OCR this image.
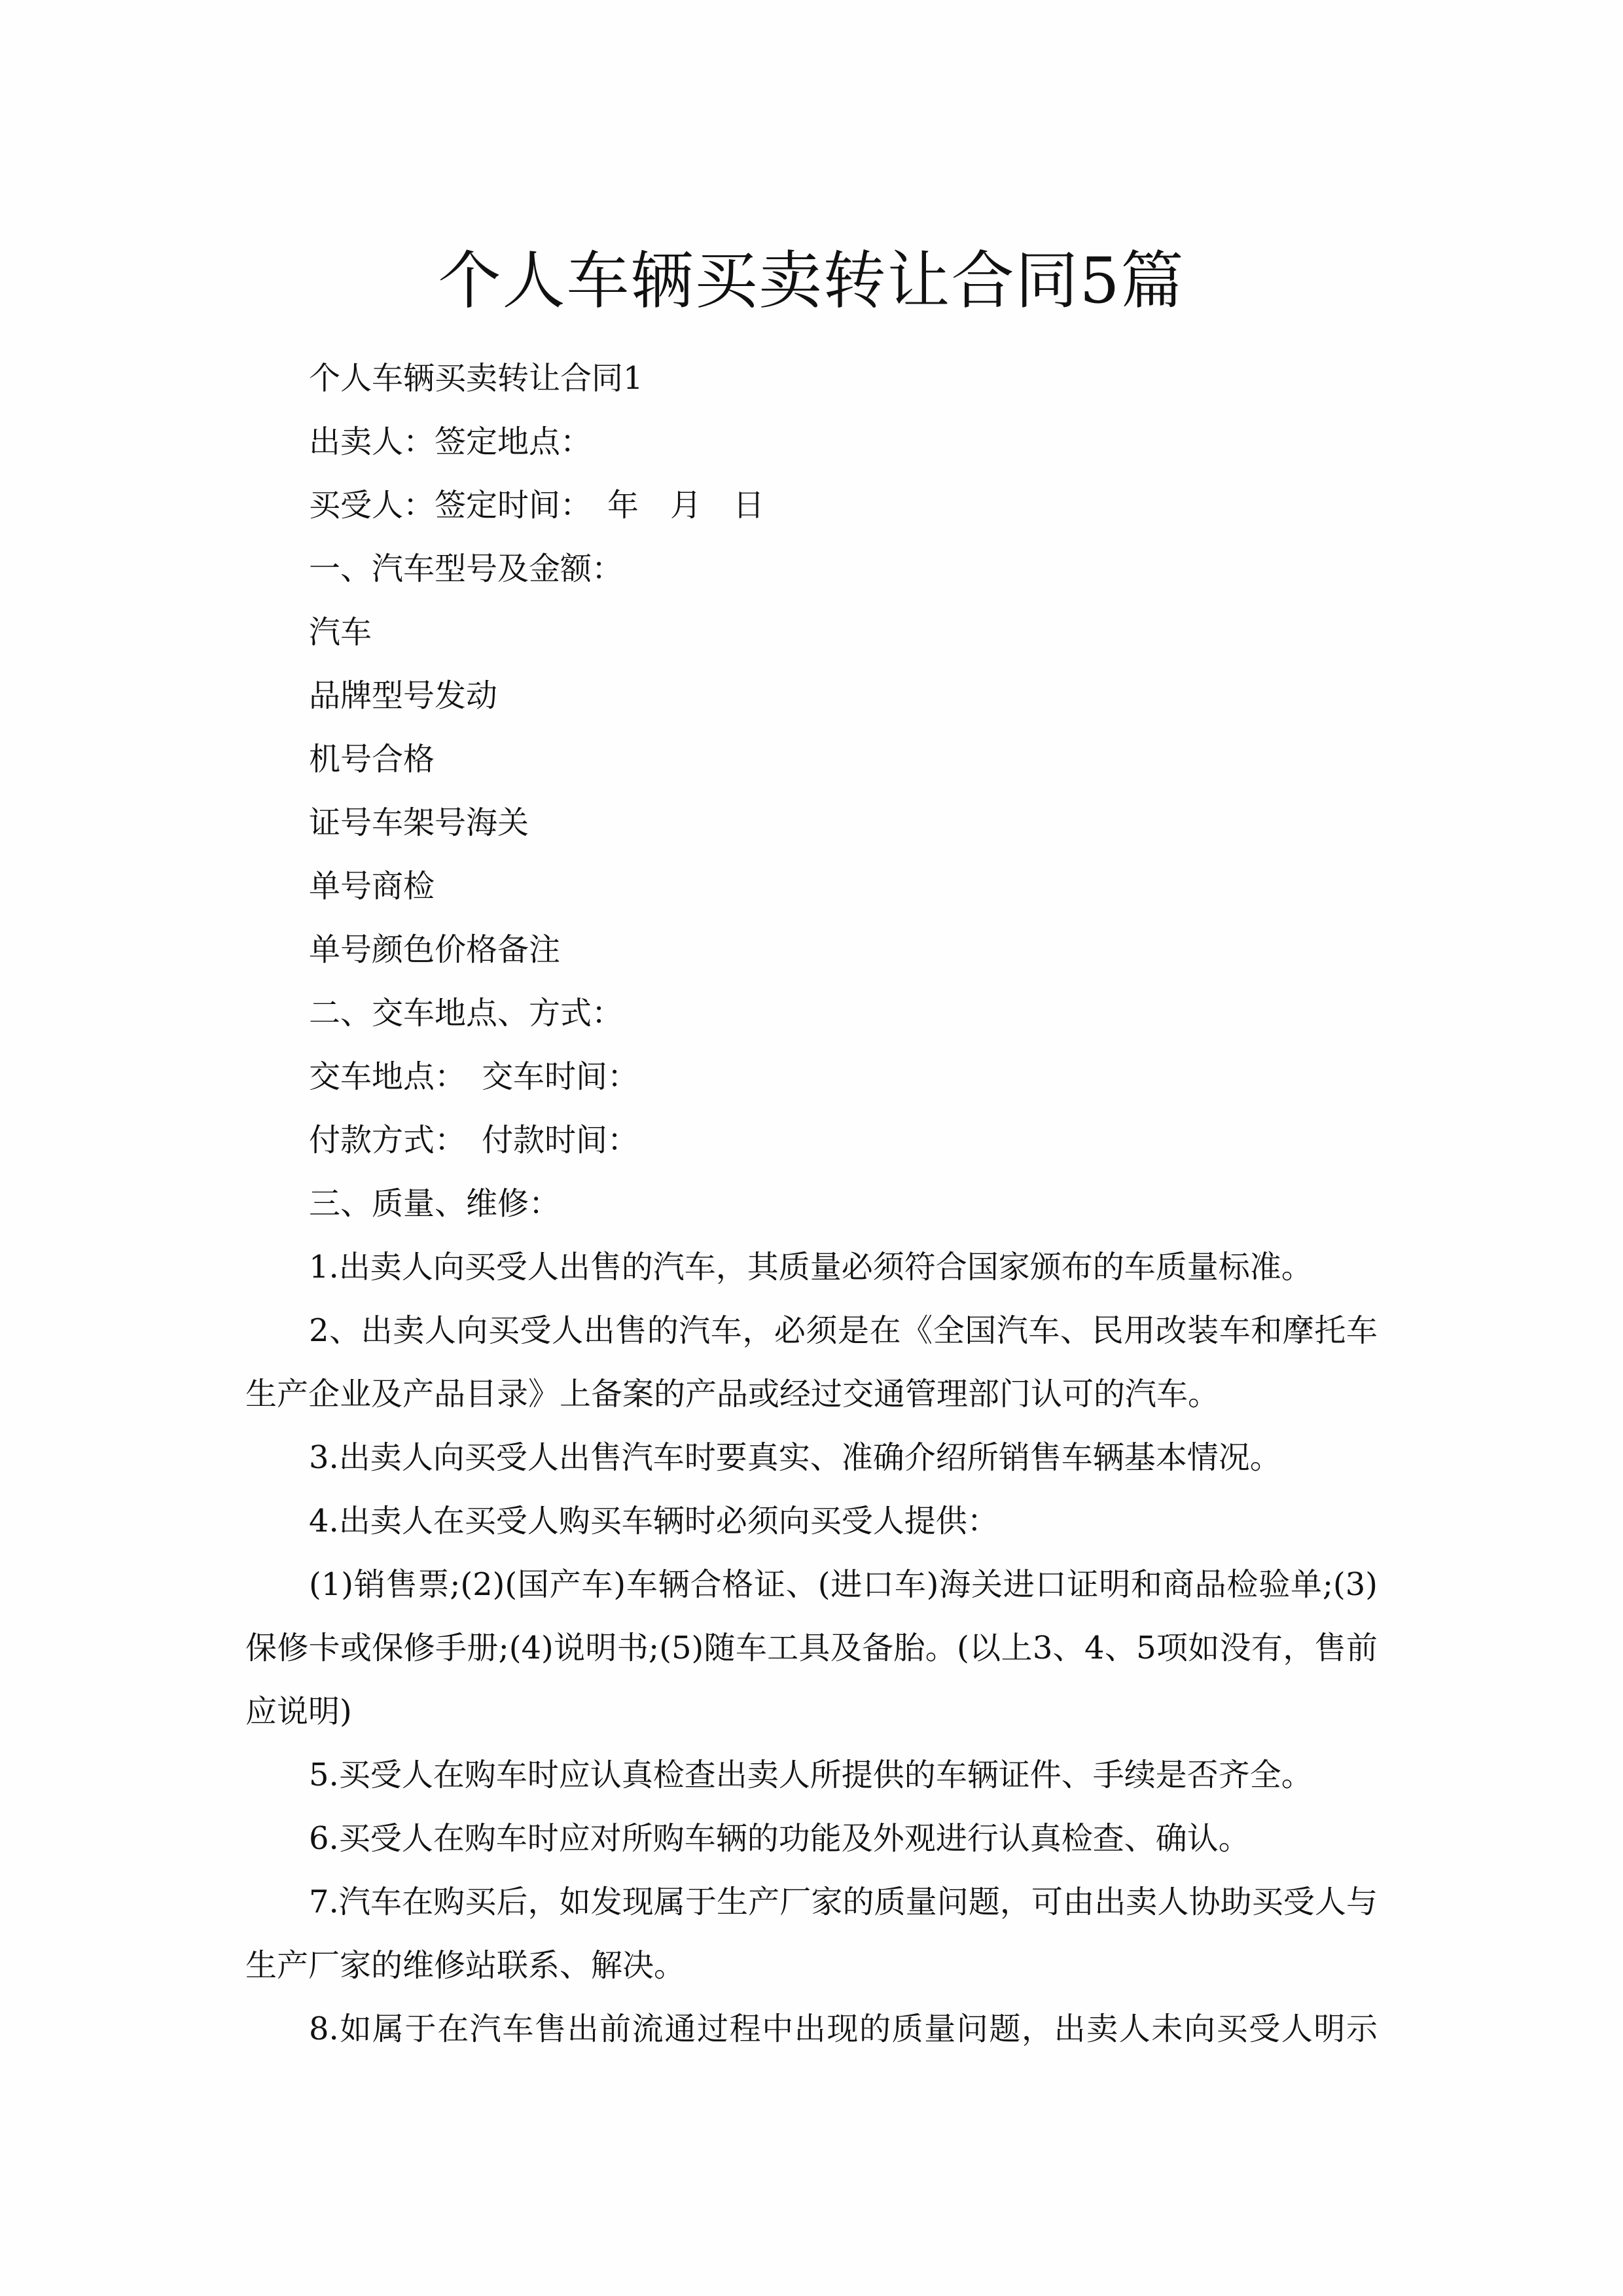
个人车辆买卖转让合同5篇

个人车辆买卖转让合同1

出卖人：签定地点：

买受人：签定时间：　年　月　日

一、汽车型号及金额：

汽车

品牌型号发动

机号合格

证号车架号海关

单号商检

单号颜色价格备注

二、交车地点、方式：

交车地点：　交车时间：

付款方式：　付款时间：

三、质量、维修：

1.出卖人向买受人出售的汽车，其质量必须符合国家颁布的车质量标准。

2、出卖人向买受人出售的汽车，必须是在《全国汽车、民用改装车和摩托车生产企业及产品目录》上备案的产品或经过交通管理部门认可的汽车。

3.出卖人向买受人出售汽车时要真实、准确介绍所销售车辆基本情况。

4.出卖人在买受人购买车辆时必须向买受人提供：

(1)销售票;(2)(国产车)车辆合格证、(进口车)海关进口证明和商品检验单;(3)保修卡或保修手册;(4)说明书;(5)随车工具及备胎。(以上3、4、5项如没有，售前应说明)

5.买受人在购车时应认真检查出卖人所提供的车辆证件、手续是否齐全。

6.买受人在购车时应对所购车辆的功能及外观进行认真检查、确认。

7.汽车在购买后，如发现属于生产厂家的质量问题，可由出卖人协助买受人与生产厂家的维修站联系、解决。

8.如属于在汽车售出前流通过程中出现的质量问题，出卖人未向买受人明示
